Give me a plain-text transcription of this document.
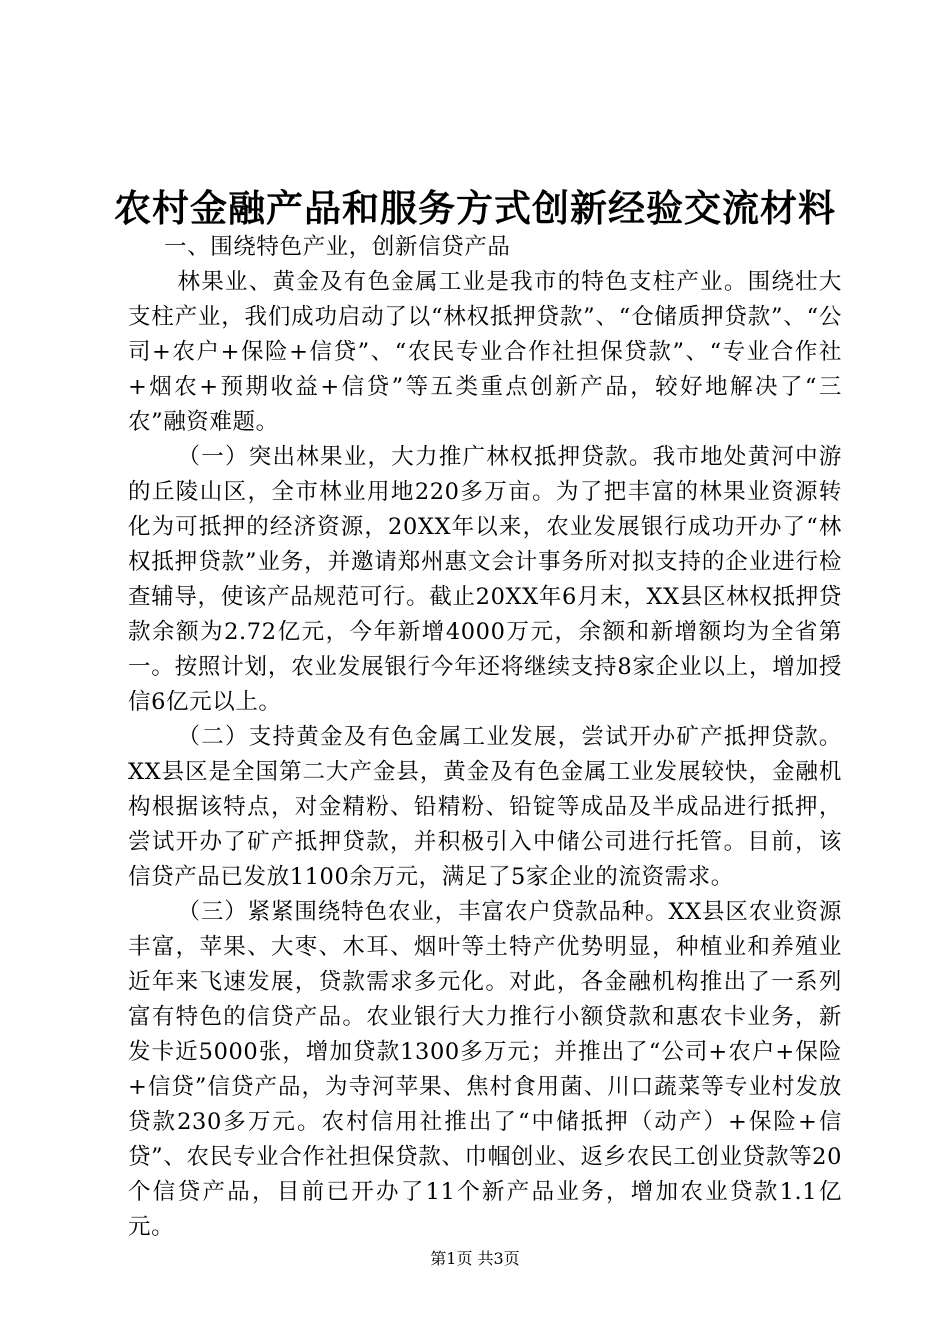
农村金融产品和服务方式创新经验交流材料

一、围绕特色产业，创新信贷产品

林果业、黄金及有色金属工业是我市的特色支柱产业。围绕壮大支柱产业，我们成功启动了以“林权抵押贷款”、“仓储质押贷款”、“公司+农户+保险+信贷”、“农民专业合作社担保贷款”、“专业合作社+烟农+预期收益+信贷”等五类重点创新产品，较好地解决了“三农”融资难题。

（一）突出林果业，大力推广林权抵押贷款。我市地处黄河中游的丘陵山区，全市林业用地220多万亩。为了把丰富的林果业资源转化为可抵押的经济资源，20XX年以来，农业发展银行成功开办了“林权抵押贷款”业务，并邀请郑州惠文会计事务所对拟支持的企业进行检查辅导，使该产品规范可行。截止20XX年6月末，XX县区林权抵押贷款余额为2.72亿元，今年新增4000万元，余额和新增额均为全省第一。按照计划，农业发展银行今年还将继续支持8家企业以上，增加授信6亿元以上。

（二）支持黄金及有色金属工业发展，尝试开办矿产抵押贷款。XX县区是全国第二大产金县，黄金及有色金属工业发展较快，金融机构根据该特点，对金精粉、铅精粉、铅锭等成品及半成品进行抵押，尝试开办了矿产抵押贷款，并积极引入中储公司进行托管。目前，该信贷产品已发放1100余万元，满足了5家企业的流资需求。

（三）紧紧围绕特色农业，丰富农户贷款品种。XX县区农业资源丰富，苹果、大枣、木耳、烟叶等土特产优势明显，种植业和养殖业近年来飞速发展，贷款需求多元化。对此，各金融机构推出了一系列富有特色的信贷产品。农业银行大力推行小额贷款和惠农卡业务，新发卡近5000张，增加贷款1300多万元；并推出了“公司+农户+保险+信贷”信贷产品，为寺河苹果、焦村食用菌、川口蔬菜等专业村发放贷款230多万元。农村信用社推出了“中储抵押（动产）+保险+信贷”、农民专业合作社担保贷款、巾帼创业、返乡农民工创业贷款等20个信贷产品，目前已开办了11个新产品业务，增加农业贷款1.1亿元。

第1页 共3页
